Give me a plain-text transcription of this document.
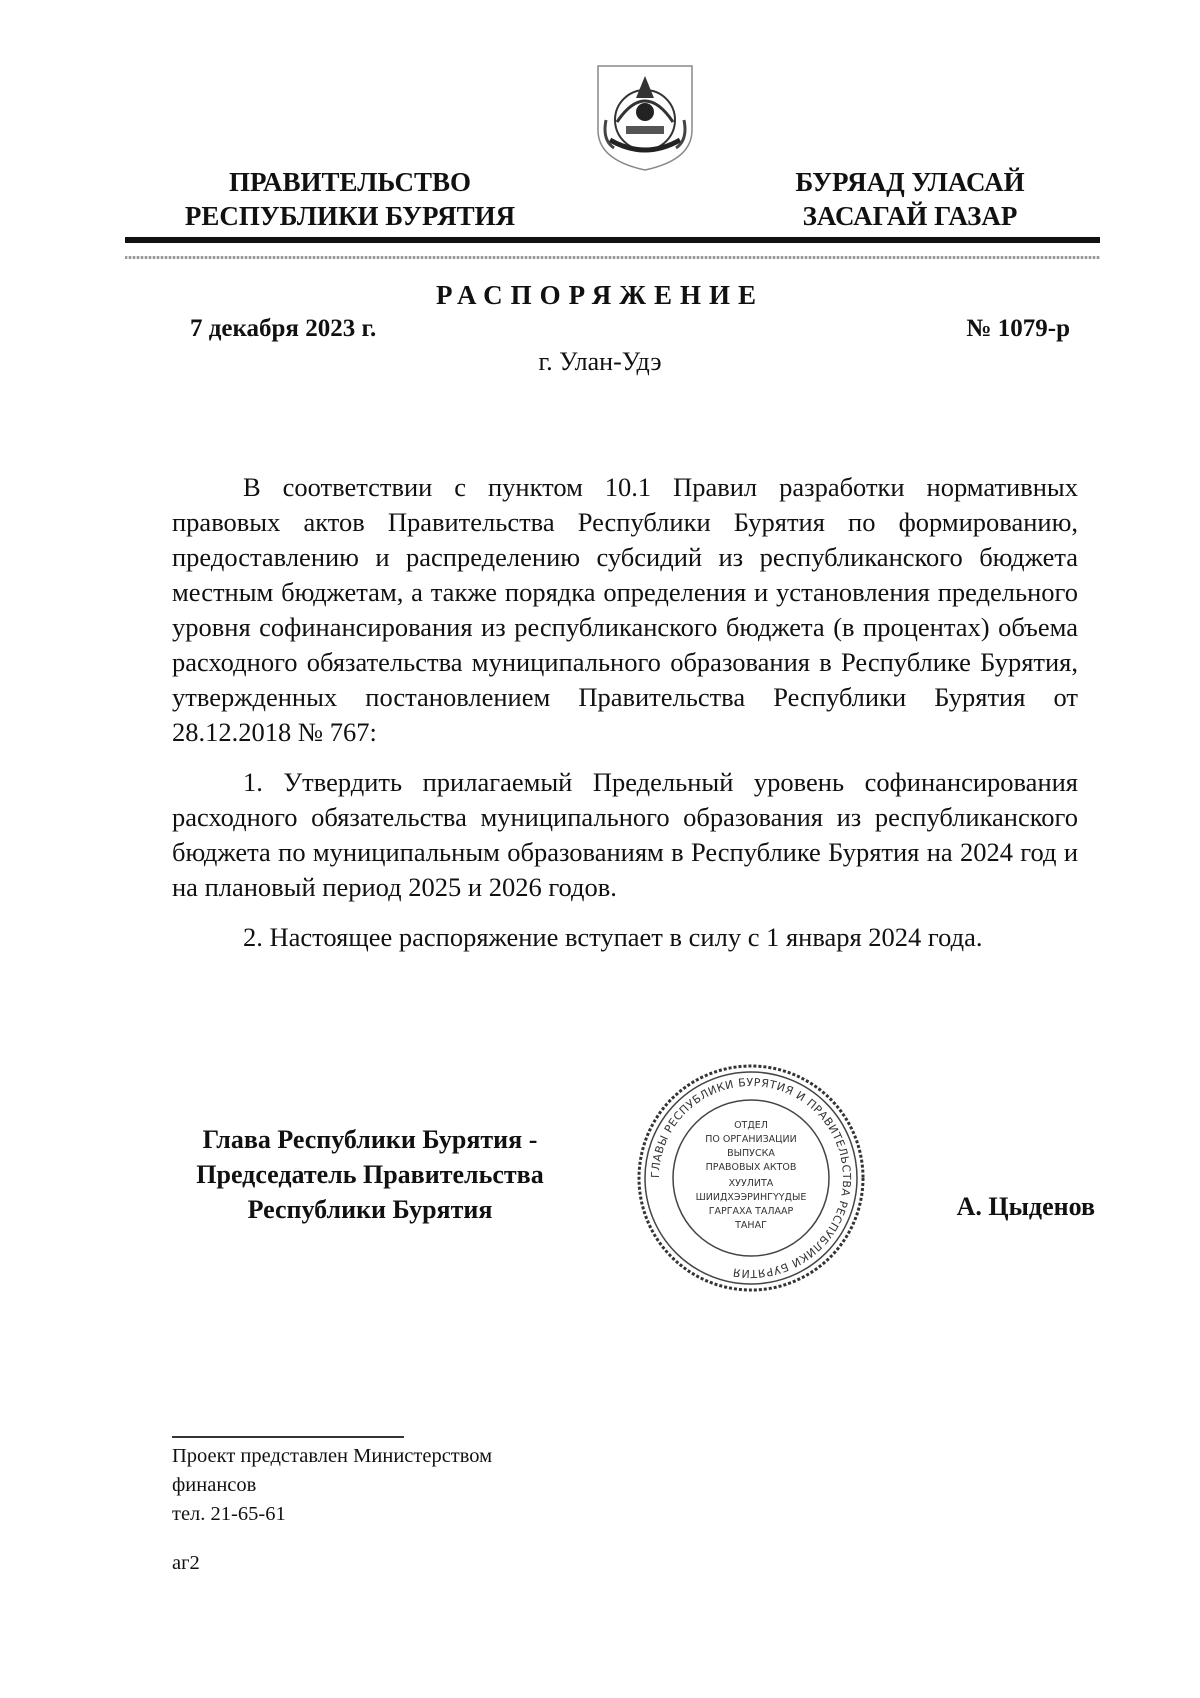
ПРАВИТЕЛЬСТВО
РЕСПУБЛИКИ БУРЯТИЯ
БУРЯАД УЛАСАЙ
ЗАСАГАЙ ГАЗАР
РАСПОРЯЖЕНИЕ
7 декабря 2023 г.	№ 1079-р
г. Улан-Удэ
В соответствии с пунктом 10.1 Правил разработки нормативных правовых актов Правительства Республики Бурятия по формированию, предоставлению и распределению субсидий из республиканского бюджета местным бюджетам, а также порядка определения и установления предельного уровня софинансирования из республиканского бюджета (в процентах) объема расходного обязательства муниципального образования в Республике Бурятия, утвержденных постановлением Правительства Республики Бурятия от 28.12.2018 № 767:
1. Утвердить прилагаемый Предельный уровень софинансирования расходного обязательства муниципального образования из республиканского бюджета по муниципальным образованиям в Республике Бурятия на 2024 год и на плановый период 2025 и 2026 годов.
2. Настоящее распоряжение вступает в силу с 1 января 2024 года.
Глава Республики Бурятия -
Председатель Правительства
Республики Бурятия
ГЛАВЫ РЕСПУБЛИКИ БУРЯТИЯ И ПРАВИТЕЛЬСТВА РЕСПУБЛИКИ БУРЯТИЯ
ОТДЕЛ
ПО ОРГАНИЗАЦИИ
ВЫПУСКА
ПРАВОВЫХ АКТОВ
ХУУЛИТА
ШИИДХЭЭРИНГҮҮДЫЕ
ГАРГАХА ТАЛААР
ТАНАГ
А. Цыденов
Проект представлен Министерством
финансов
тел. 21-65-61
аг2
